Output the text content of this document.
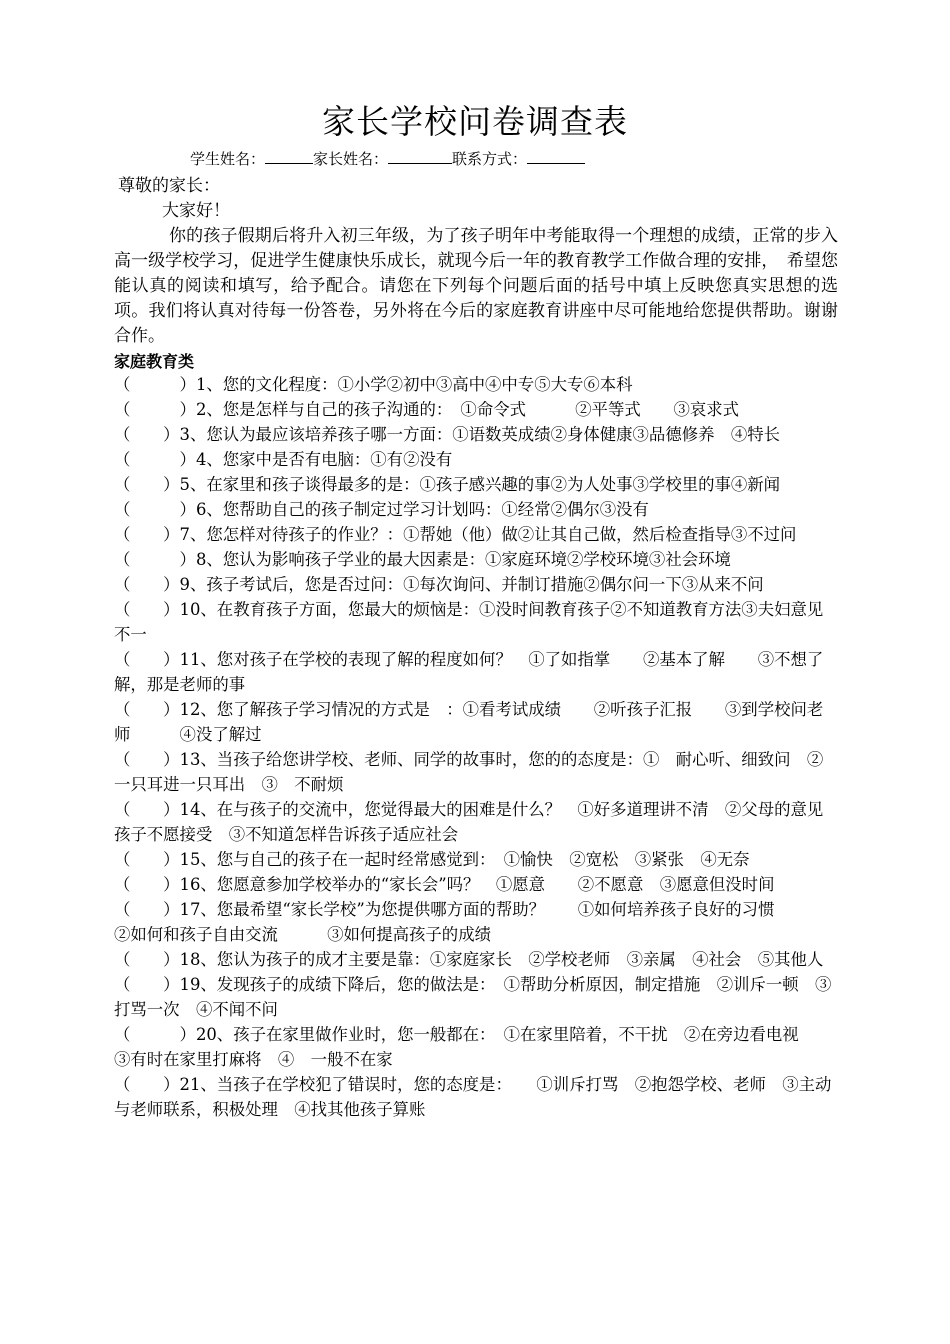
家长学校问卷调查表
学生姓名：	家长姓名：	联系方式：
尊敬的家长：
大家好！
你的孩子假期后将升入初三年级，为了孩子明年中考能取得一个理想的成绩，正常的步入高一级学校学习，促进学生健康快乐成长，就现今后一年的教育教学工作做合理的安排，　希望您能认真的阅读和填写，给予配合。请您在下列每个问题后面的括号中填上反映您真实思想的选项。我们将认真对待每一份答卷，另外将在今后的家庭教育讲座中尽可能地给您提供帮助。谢谢合作。
家庭教育类

（　　　）1、您的文化程度：①小学②初中③高中④中专⑤大专⑥本科

（　　　）2、您是怎样与自己的孩子沟通的：　①命令式　　　②平等式　　③哀求式

（　　）3、您认为最应该培养孩子哪一方面：①语数英成绩②身体健康③品德修养　④特长

（　　　）4、您家中是否有电脑：①有②没有

（　　）5、在家里和孩子谈得最多的是：①孩子感兴趣的事②为人处事③学校里的事④新闻

（　　　）6、您帮助自己的孩子制定过学习计划吗：①经常②偶尔③没有

（　　）7、您怎样对待孩子的作业？：①帮她（他）做②让其自己做，然后检查指导③不过问

（　　　）8、您认为影响孩子学业的最大因素是：①家庭环境②学校环境③社会环境

（　　）9、孩子考试后，您是否过问：①每次询问、并制订措施②偶尔问一下③从来不问

（　　）10、在教育孩子方面，您最大的烦恼是：①没时间教育孩子②不知道教育方法③夫妇意见不一

（　　）11、您对孩子在学校的表现了解的程度如何？　①了如指掌　　②基本了解　　③不想了解，那是老师的事

（　　）12、您了解孩子学习情况的方式是　：①看考试成绩　　②听孩子汇报　　③到学校问老师　　　④没了解过

（　　）13、当孩子给您讲学校、老师、同学的故事时，您的的态度是：①　耐心听、细致问　②　一只耳进一只耳出　③　不耐烦

（　　）14、在与孩子的交流中，您觉得最大的困难是什么？　①好多道理讲不清　②父母的意见孩子不愿接受　③不知道怎样告诉孩子适应社会

（　　）15、您与自己的孩子在一起时经常感觉到：　①愉快　②宽松　③紧张　④无奈

（　　）16、您愿意参加学校举办的“家长会”吗？　①愿意　　②不愿意　③愿意但没时间

（　　）17、您最希望“家长学校”为您提供哪方面的帮助？　　①如何培养孩子良好的习惯　　　②如何和孩子自由交流　　　③如何提高孩子的成绩

（　　）18、您认为孩子的成才主要是靠：①家庭家长　②学校老师　③亲属　④社会　⑤其他人

（　　）19、发现孩子的成绩下降后，您的做法是：　①帮助分析原因，制定措施　②训斥一顿　③打骂一次　④不闻不问

（　　　）20、孩子在家里做作业时，您一般都在：　①在家里陪着，不干扰　②在旁边看电视　　③有时在家里打麻将　④　一般不在家

（　　）21、当孩子在学校犯了错误时，您的态度是：　　①训斥打骂　②抱怨学校、老师　③主动与老师联系，积极处理　④找其他孩子算账
